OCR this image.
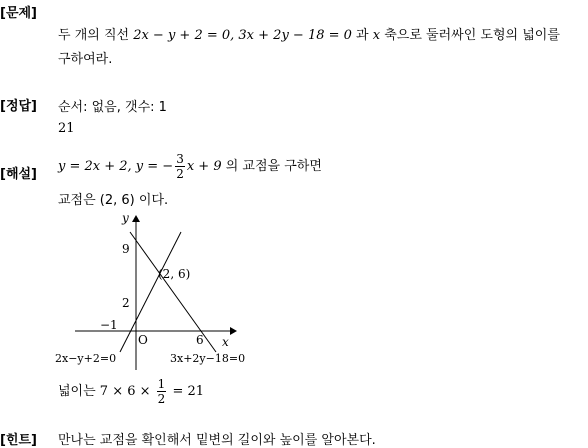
[문제]
두 개의 직선 2x − y + 2 = 0, 3x + 2y − 18 = 0 과 x 축으로 둘러싸인 도형의 넓이를
구하여라.
[정답] 순서: 없음, 갯수: 1
21
[해설]
y = 2x + 2, y = − $\frac{3}{2}$ x + 9 의 교점을 구하면
교점은 (2, 6) 이다.
y
x
9
2
−1
O	6
(2, 6)
2x−y+2=0	3x+2y−18=0
넓이는 $7 \times 6 \times \frac{1}{2} = 21$
[힌트] 만나는 교점을 확인해서 밑변의 길이와 높이를 알아본다.
